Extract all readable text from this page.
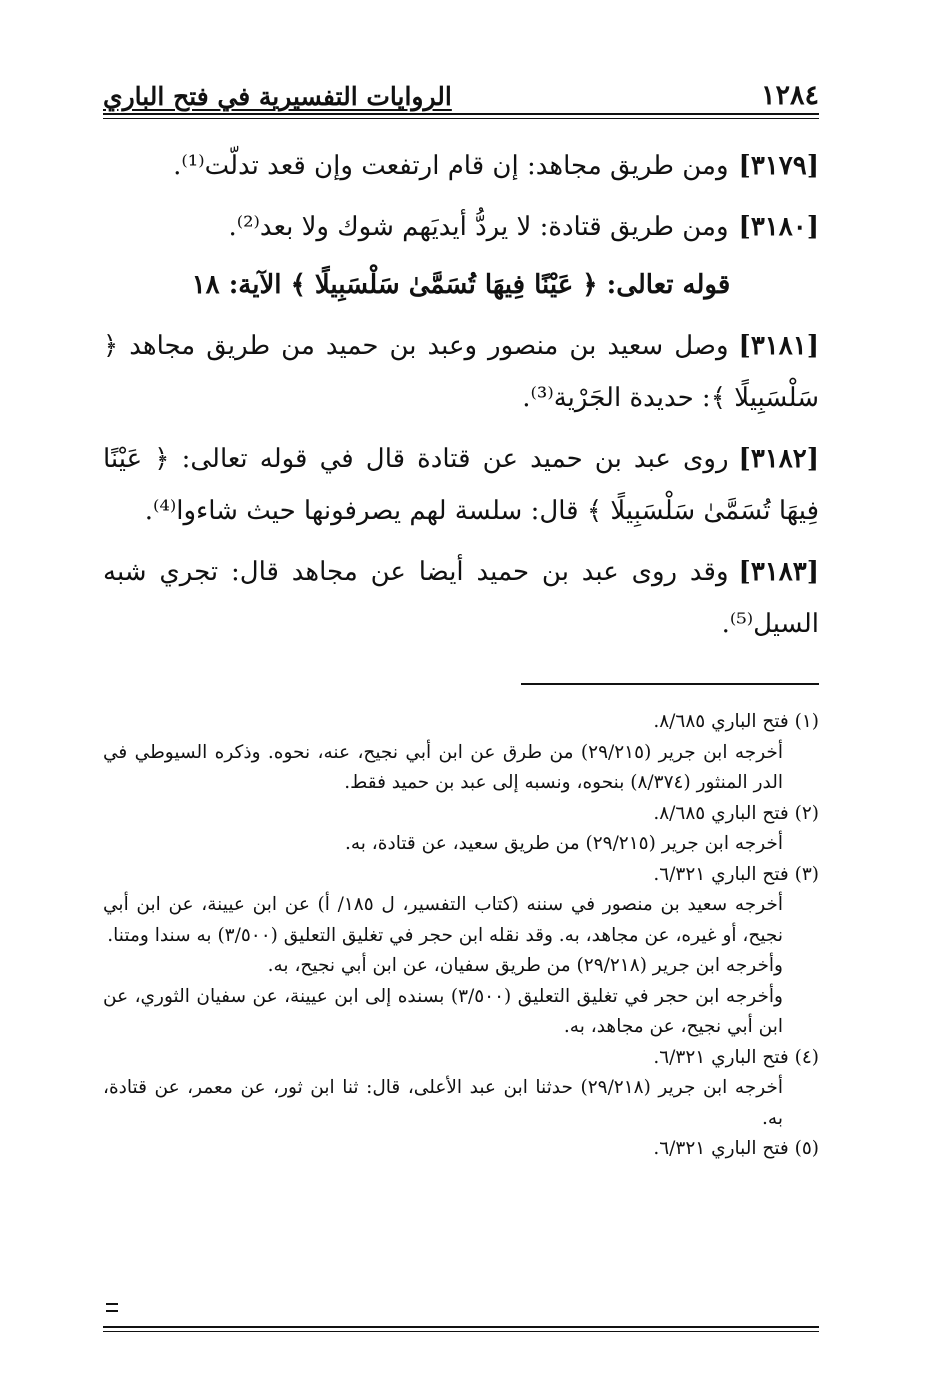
١٢٨٤
الروايات التفسيرية في فتح الباري

[٣١٧٩]ومن طريق مجاهد: إن قام ارتفعت وإن قعد تدلّت⁽¹⁾.

[٣١٨٠]ومن طريق قتادة: لا يردُّ أيديَهم شوك ولا بعد⁽²⁾.

قوله تعالى: ﴿ عَيْنًا فِيهَا تُسَمَّىٰ سَلْسَبِيلًا ﴾ الآية: ١٨

[٣١٨١]وصل سعيد بن منصور وعبد بن حميد من طريق مجاهد ﴿ سَلْسَبِيلًا ﴾: حديدة الجَرْية⁽³⁾.

[٣١٨٢]روى عبد بن حميد عن قتادة قال في قوله تعالى: ﴿ عَيْنًا فِيهَا تُسَمَّىٰ سَلْسَبِيلًا ﴾ قال: سلسة لهم يصرفونها حيث شاءوا⁽⁴⁾.

[٣١٨٣]وقد روى عبد بن حميد أيضا عن مجاهد قال: تجري شبه السيل⁽⁵⁾.

(١) فتح الباري ٨/٦٨٥.

أخرجه ابن جرير (٢٩/٢١٥) من طرق عن ابن أبي نجيح، عنه، نحوه. وذكره السيوطي في الدر المنثور (٨/٣٧٤) بنحوه، ونسبه إلى عبد بن حميد فقط.

(٢) فتح الباري ٨/٦٨٥.

أخرجه ابن جرير (٢٩/٢١٥) من طريق سعيد، عن قتادة، به.

(٣) فتح الباري ٦/٣٢١.

أخرجه سعيد بن منصور في سننه (كتاب التفسير، ل ١٨٥/ أ) عن ابن عيينة، عن ابن أبي نجيح، أو غيره، عن مجاهد، به. وقد نقله ابن حجر في تغليق التعليق (٣/٥٠٠) به سندا ومتنا.

وأخرجه ابن جرير (٢٩/٢١٨) من طريق سفيان، عن ابن أبي نجيح، به.

وأخرجه ابن حجر في تغليق التعليق (٣/٥٠٠) بسنده إلى ابن عيينة، عن سفيان الثوري، عن ابن أبي نجيح، عن مجاهد، به.

(٤) فتح الباري ٦/٣٢١.

أخرجه ابن جرير (٢٩/٢١٨) حدثنا ابن عبد الأعلى، قال: ثنا ابن ثور، عن معمر، عن قتادة، به.

(٥) فتح الباري ٦/٣٢١.
